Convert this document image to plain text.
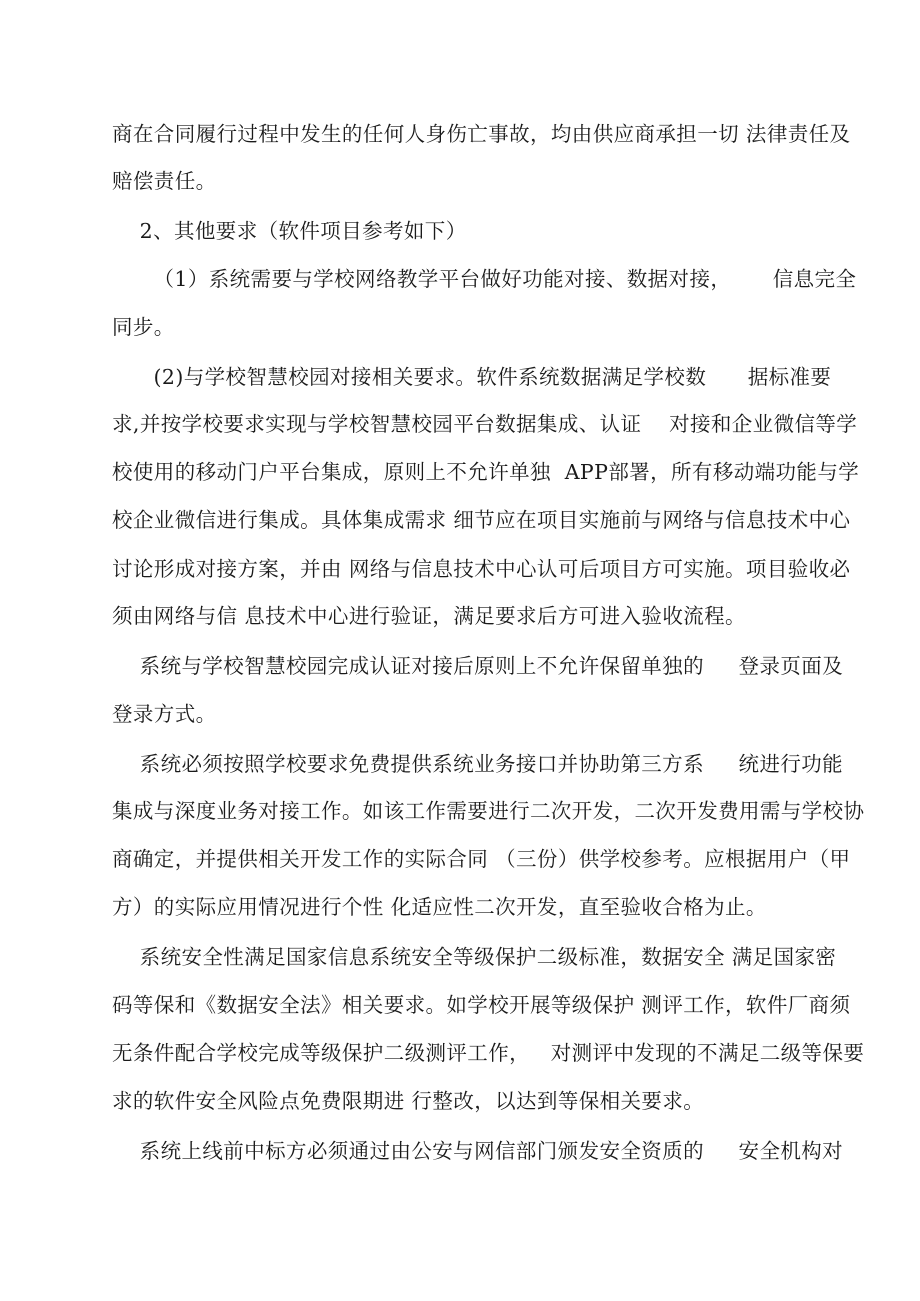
商在合同履行过程中发生的任何人身伤亡事故，均由供应商承担一切 法律责任及
赔偿责任。
2、其他要求（软件项目参考如下）
（1）系统需要与学校网络教学平台做好功能对接、数据对接，      信息完全
同步。
(2)与学校智慧校园对接相关要求。软件系统数据满足学校数      据标准要
求,并按学校要求实现与学校智慧校园平台数据集成、认证    对接和企业微信等学
校使用的移动门户平台集成，原则上不允许单独  APP部署，所有移动端功能与学
校企业微信进行集成。具体集成需求 细节应在项目实施前与网络与信息技术中心
讨论形成对接方案，并由 网络与信息技术中心认可后项目方可实施。项目验收必
须由网络与信 息技术中心进行验证，满足要求后方可进入验收流程。
系统与学校智慧校园完成认证对接后原则上不允许保留单独的     登录页面及
登录方式。
系统必须按照学校要求免费提供系统业务接口并协助第三方系     统进行功能
集成与深度业务对接工作。如该工作需要进行二次开发，二次开发费用需与学校协
商确定，并提供相关开发工作的实际合同 （三份）供学校参考。应根据用户（甲
方）的实际应用情况进行个性 化适应性二次开发，直至验收合格为止。
系统安全性满足国家信息系统安全等级保护二级标准，数据安全 满足国家密
码等保和《数据安全法》相关要求。如学校开展等级保护 测评工作，软件厂商须
无条件配合学校完成等级保护二级测评工作，   对测评中发现的不满足二级等保要
求的软件安全风险点免费限期进 行整改，以达到等保相关要求。
系统上线前中标方必须通过由公安与网信部门颁发安全资质的     安全机构对
